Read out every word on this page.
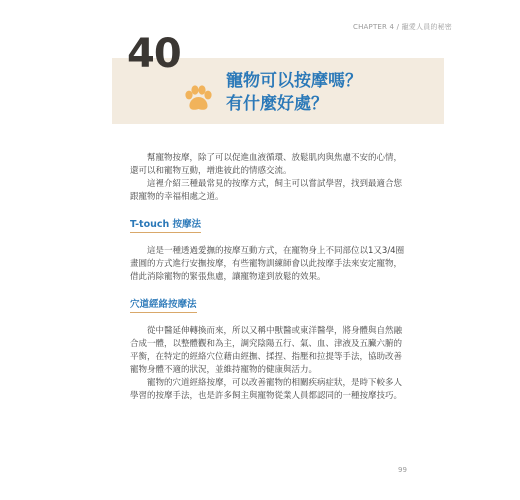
CHAPTER 4 / 寵愛人員的秘密
40
寵物可以按摩嗎？
有什麼好處？

幫寵物按摩，除了可以促進血液循環、放鬆肌肉與焦慮不安的心情，還可以和寵物互動，增進彼此的情感交流。

這裡介紹三種最常見的按摩方式，飼主可以嘗試學習，找到最適合您跟寵物的幸福相處之道。

T-touch 按摩法

這是一種透過愛撫的按摩互動方式，在寵物身上不同部位以1又3/4圈畫圓的方式進行安撫按摩，有些寵物訓練師會以此按摩手法來安定寵物，借此消除寵物的緊張焦慮，讓寵物達到放鬆的效果。

穴道經絡按摩法

從中醫延伸轉換而來，所以又稱中獸醫或東洋醫學，將身體與自然融合成一體，以整體觀和為主，調究陰陽五行、氣、血、津液及五臟六腑的平衡，在特定的經絡穴位藉由經撫、揉捏、指壓和拉提等手法，協助改善寵物身體不適的狀況，並維持寵物的健康與活力。

寵物的穴道經絡按摩，可以改善寵物的相關疾病症狀，是時下較多人學習的按摩手法，也是許多飼主與寵物從業人員都認同的一種按摩技巧。

99
